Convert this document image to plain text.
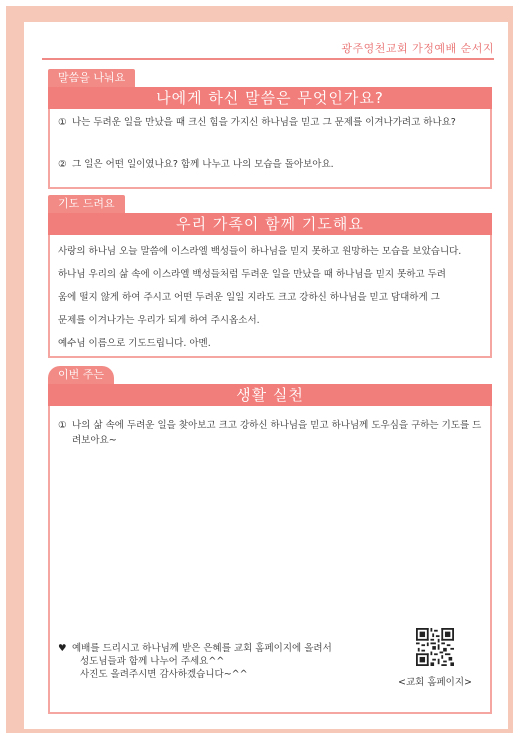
광주영천교회 가정예배 순서지
말씀을 나눠요
나에게 하신 말씀은 무엇인가요?
① 나는 두려운 일을 만났을 때 크신 힘을 가지신 하나님을 믿고 그 문제를 이겨나가려고 하나요?
② 그 일은 어떤 일이였나요? 함께 나누고 나의 모습을 돌아보아요.
기도 드려요
우리 가족이 함께 기도해요

사랑의 하나님 오늘 말씀에 이스라엘 백성들이 하나님을 믿지 못하고 원망하는 모습을 보았습니다.

하나님 우리의 삶 속에 이스라엘 백성들처럼 두려운 일을 만났을 때 하나님을 믿지 못하고 두려

움에 떨지 않게 하여 주시고 어떤 두려운 일일 지라도 크고 강하신 하나님을 믿고 담대하게 그

문제를 이겨나가는 우리가 되게 하여 주시옵소서.

예수님 이름으로 기도드립니다. 아멘.

이번 주는
생활 실천
① 나의 삶 속에 두려운 일을 찾아보고 크고 강하신 하나님을 믿고 하나님께 도우심을 구하는 기도를 드려보아요~
♥ 예배를 드리시고 하나님께 받은 은혜를 교회 홈페이지에 올려서
성도님들과 함께 나누어 주세요^^
사진도 올려주시면 감사하겠습니다~^^
<교회 홈페이지>
